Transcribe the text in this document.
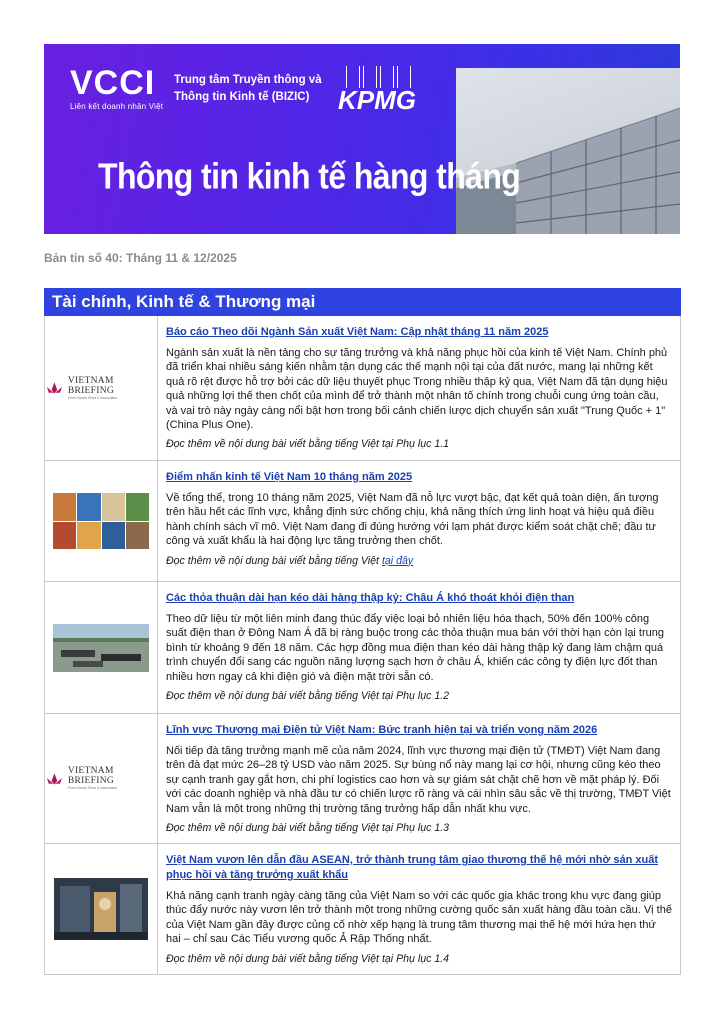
VCCI
Liên kết doanh nhân Việt
Trung tâm Truyền thông và
Thông tin Kinh tế (BIZIC)	KPMG
Thông tin kinh tế hàng tháng
Bản tin số 40: Tháng 11 & 12/2025
Tài chính, Kinh tế & Thương mại
VIETNAM BRIEFING
From Dezan Shira & Associates
Báo cáo Theo dõi Ngành Sản xuất Việt Nam: Cập nhật tháng 11 năm 2025
Ngành sản xuất là nền tảng cho sự tăng trưởng và khả năng phục hồi của kinh tế Việt Nam. Chính phủ đã triển khai nhiều sáng kiến nhằm tận dụng các thế mạnh nội tại của đất nước, mang lại những kết quả rõ rệt được hỗ trợ bởi các dữ liệu thuyết phục Trong nhiều thập kỷ qua, Việt Nam đã tận dụng hiệu quả những lợi thế then chốt của mình để trở thành một nhân tố chính trong chuỗi cung ứng toàn cầu, và vai trò này ngày càng nổi bật hơn trong bối cảnh chiến lược dịch chuyển sản xuất "Trung Quốc + 1" (China Plus One).
Đọc thêm về nội dung bài viết bằng tiếng Việt tại Phụ lục 1.1
Điểm nhấn kinh tế Việt Nam 10 tháng năm 2025
Về tổng thể, trong 10 tháng năm 2025, Việt Nam đã nỗ lực vượt bậc, đạt kết quả toàn diện, ấn tượng trên hầu hết các lĩnh vực, khẳng định sức chống chịu, khả năng thích ứng linh hoạt và hiệu quả điều hành chính sách vĩ mô. Việt Nam đang đi đúng hướng với lạm phát được kiểm soát chặt chẽ; đầu tư công và xuất khẩu là hai động lực tăng trưởng then chốt.
Đọc thêm về nội dung bài viết bằng tiếng Việt tại đây
Các thỏa thuận dài hạn kéo dài hàng thập kỷ: Châu Á khó thoát khỏi điện than
Theo dữ liệu từ một liên minh đang thúc đẩy việc loại bỏ nhiên liệu hóa thạch, 50% đến 100% công suất điện than ở Đông Nam Á đã bị ràng buộc trong các thỏa thuận mua bán với thời hạn còn lại trung bình từ khoảng 9 đến 18 năm. Các hợp đồng mua điện than kéo dài hàng thập kỷ đang làm chậm quá trình chuyển đổi sang các nguồn năng lượng sạch hơn ở châu Á, khiến các công ty điện lực đốt than nhiều hơn ngay cả khi điện gió và điện mặt trời sẵn có.
Đọc thêm về nội dung bài viết bằng tiếng Việt tại Phụ lục 1.2
VIETNAM BRIEFING
From Dezan Shira & Associates
Lĩnh vực Thương mại Điện tử Việt Nam: Bức tranh hiện tại và triển vọng năm 2026
Nối tiếp đà tăng trưởng mạnh mẽ của năm 2024, lĩnh vực thương mại điện tử (TMĐT) Việt Nam đang trên đà đạt mức 26–28 tỷ USD vào năm 2025. Sự bùng nổ này mang lại cơ hội, nhưng cũng kéo theo sự cạnh tranh gay gắt hơn, chi phí logistics cao hơn và sự giám sát chặt chẽ hơn về mặt pháp lý. Đối với các doanh nghiệp và nhà đầu tư có chiến lược rõ ràng và cái nhìn sâu sắc về thị trường, TMĐT Việt Nam vẫn là một trong những thị trường tăng trưởng hấp dẫn nhất khu vực.
Đọc thêm về nội dung bài viết bằng tiếng Việt tại Phụ lục 1.3
Việt Nam vươn lên dẫn đầu ASEAN, trở thành trung tâm giao thương thế hệ mới nhờ sản xuất phục hồi và tăng trưởng xuất khẩu
Khả năng cạnh tranh ngày càng tăng của Việt Nam so với các quốc gia khác trong khu vực đang giúp thúc đẩy nước này vươn lên trở thành một trong những cường quốc sản xuất hàng đầu toàn cầu. Vị thế của Việt Nam gần đây được củng cố nhờ xếp hạng là trung tâm thương mại thế hệ mới hứa hẹn thứ hai – chỉ sau Các Tiểu vương quốc Ả Rập Thống nhất.
Đọc thêm về nội dung bài viết bằng tiếng Việt tại Phụ lục 1.4
